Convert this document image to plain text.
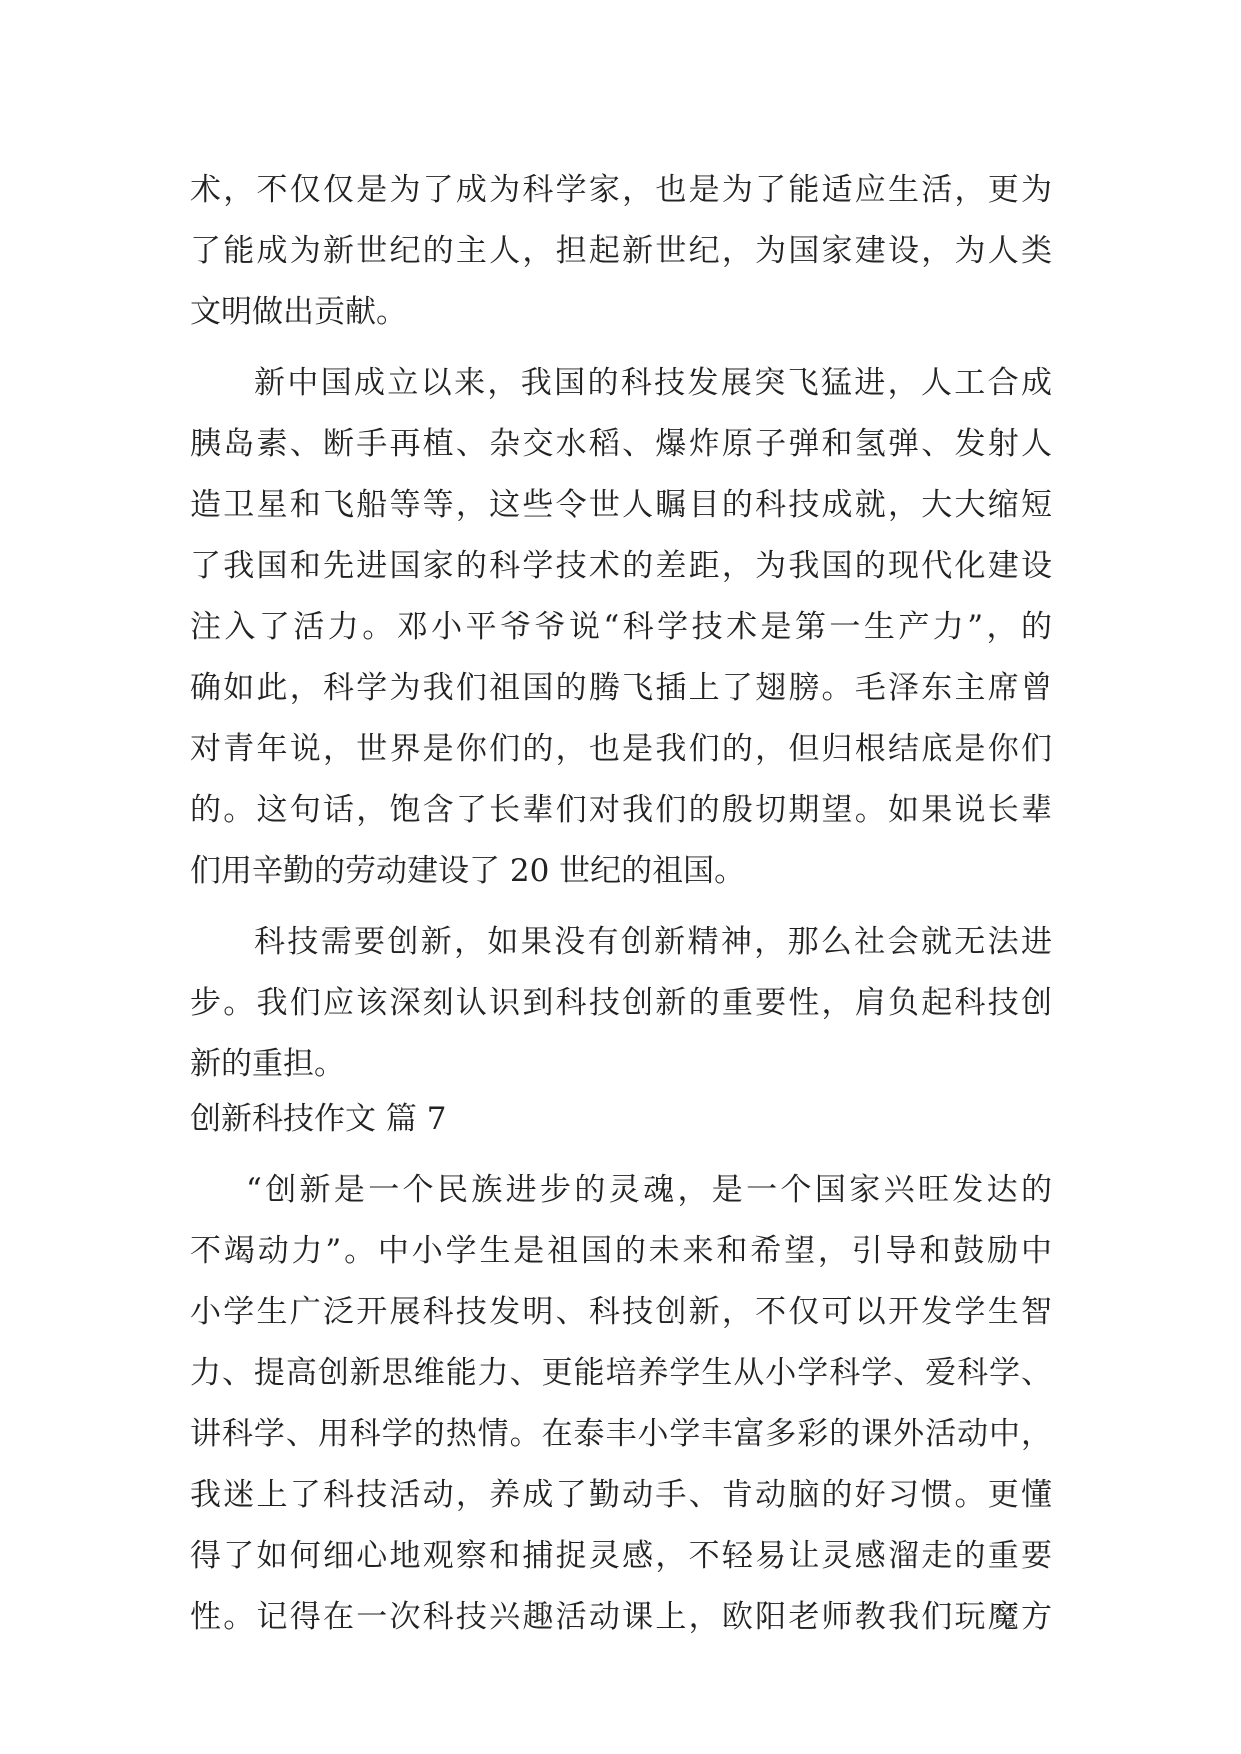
术，不仅仅是为了成为科学家，也是为了能适应生活，更为
了能成为新世纪的主人，担起新世纪，为国家建设，为人类
文明做出贡献。
新中国成立以来，我国的科技发展突飞猛进，人工合成
胰岛素、断手再植、杂交水稻、爆炸原子弹和氢弹、发射人
造卫星和飞船等等，这些令世人瞩目的科技成就，大大缩短
了我国和先进国家的科学技术的差距，为我国的现代化建设
注入了活力。邓小平爷爷说“科学技术是第一生产力”，的
确如此，科学为我们祖国的腾飞插上了翅膀。毛泽东主席曾
对青年说，世界是你们的，也是我们的，但归根结底是你们
的。这句话，饱含了长辈们对我们的殷切期望。如果说长辈
们用辛勤的劳动建设了 20 世纪的祖国。
科技需要创新，如果没有创新精神，那么社会就无法进
步。我们应该深刻认识到科技创新的重要性，肩负起科技创
新的重担。
创新科技作文 篇 7
“创新是一个民族进步的灵魂，是一个国家兴旺发达的
不竭动力”。中小学生是祖国的未来和希望，引导和鼓励中
小学生广泛开展科技发明、科技创新，不仅可以开发学生智
力、提高创新思维能力、更能培养学生从小学科学、爱科学、
讲科学、用科学的热情。在泰丰小学丰富多彩的课外活动中，
我迷上了科技活动，养成了勤动手、肯动脑的好习惯。更懂
得了如何细心地观察和捕捉灵感，不轻易让灵感溜走的重要
性。记得在一次科技兴趣活动课上，欧阳老师教我们玩魔方
